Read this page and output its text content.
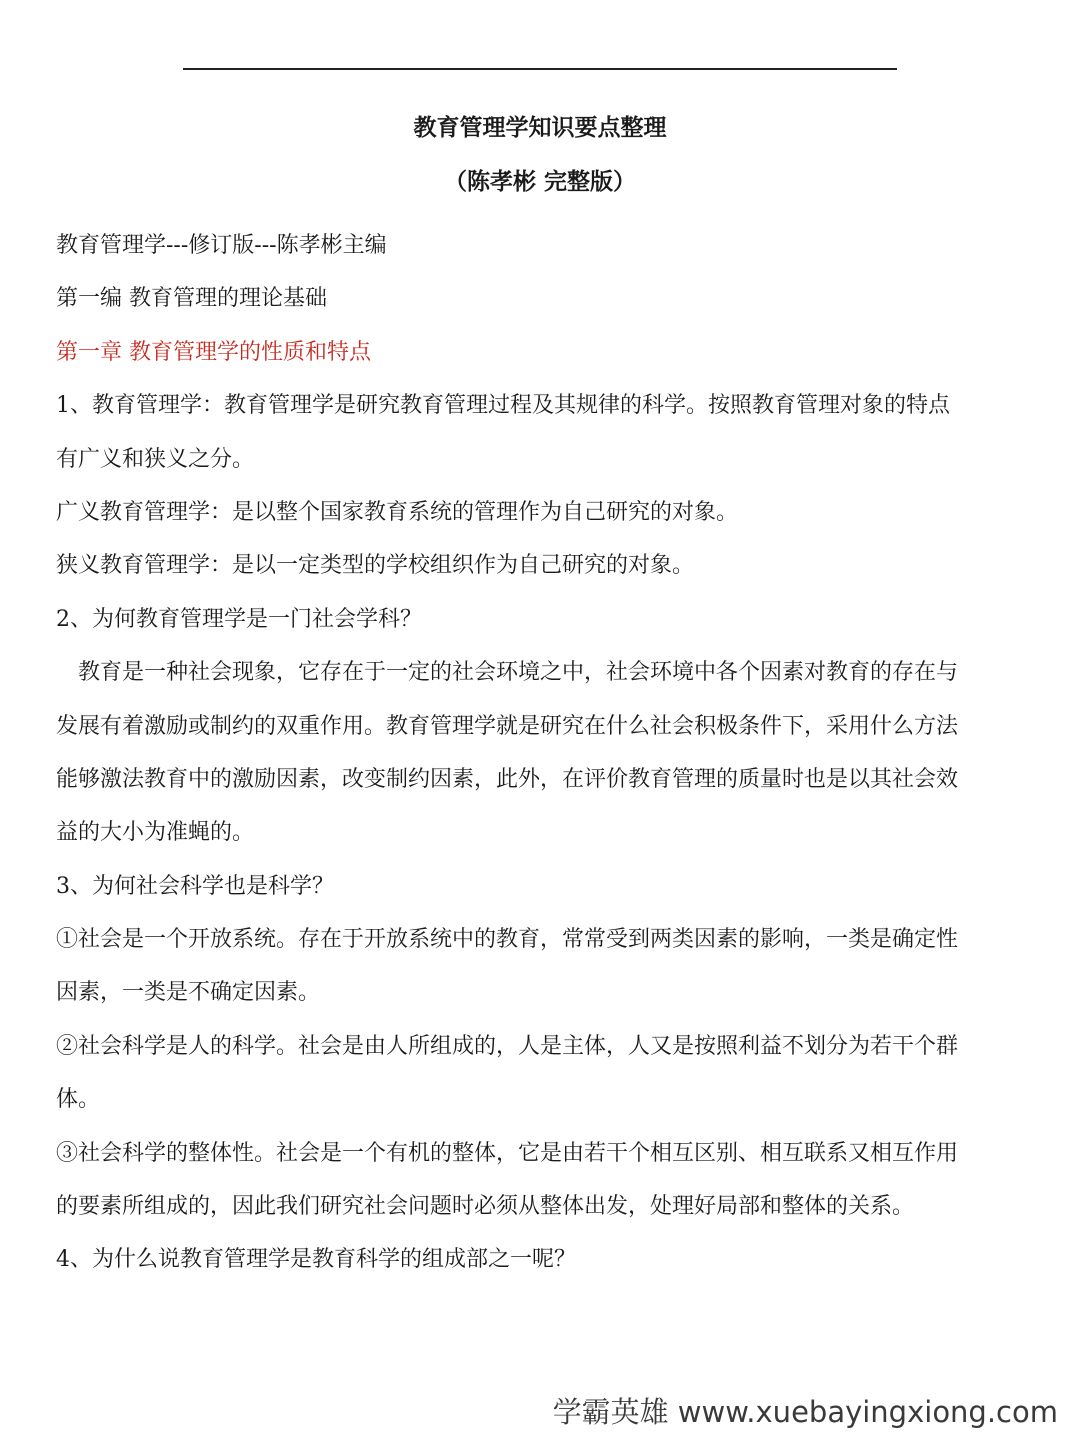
教育管理学知识要点整理
（陈孝彬 完整版）
教育管理学---修订版---陈孝彬主编
第一编 教育管理的理论基础
第一章 教育管理学的性质和特点
1、教育管理学：教育管理学是研究教育管理过程及其规律的科学。按照教育管理对象的特点
有广义和狭义之分。
广义教育管理学：是以整个国家教育系统的管理作为自己研究的对象。
狭义教育管理学：是以一定类型的学校组织作为自己研究的对象。
2、为何教育管理学是一门社会学科？
教育是一种社会现象，它存在于一定的社会环境之中，社会环境中各个因素对教育的存在与
发展有着激励或制约的双重作用。教育管理学就是研究在什么社会积极条件下，采用什么方法
能够激法教育中的激励因素，改变制约因素，此外，在评价教育管理的质量时也是以其社会效
益的大小为准蝇的。
3、为何社会科学也是科学？
①社会是一个开放系统。存在于开放系统中的教育，常常受到两类因素的影响，一类是确定性
因素，一类是不确定因素。
②社会科学是人的科学。社会是由人所组成的，人是主体，人又是按照利益不划分为若干个群
体。
③社会科学的整体性。社会是一个有机的整体，它是由若干个相互区别、相互联系又相互作用
的要素所组成的，因此我们研究社会问题时必须从整体出发，处理好局部和整体的关系。
4、为什么说教育管理学是教育科学的组成部之一呢？
学霸英雄 www.xuebayingxiong.com
